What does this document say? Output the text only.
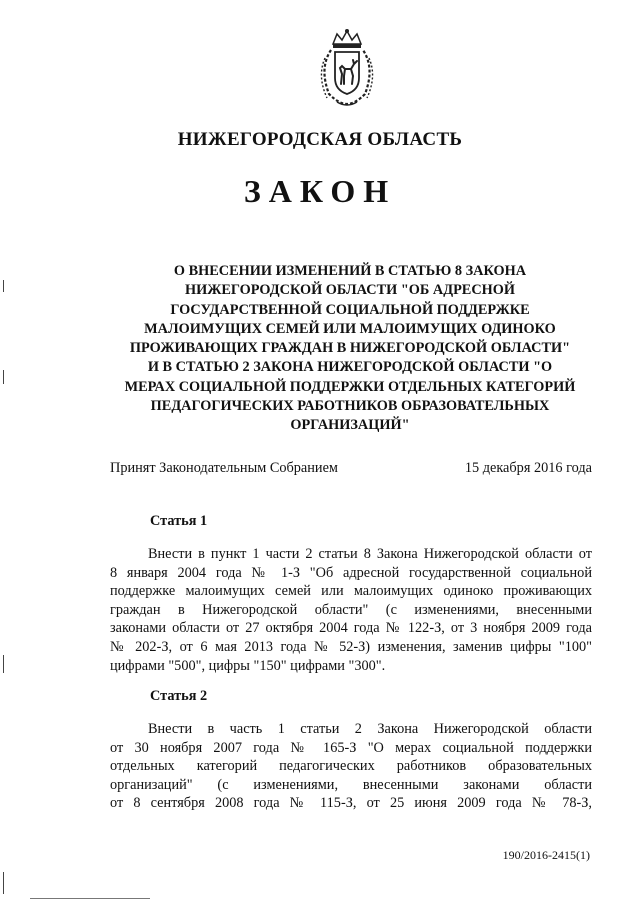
НИЖЕГОРОДСКАЯ ОБЛАСТЬ
ЗАКОН
О ВНЕСЕНИИ ИЗМЕНЕНИЙ В СТАТЬЮ 8 ЗАКОНА
НИЖЕГОРОДСКОЙ ОБЛАСТИ "ОБ АДРЕСНОЙ
ГОСУДАРСТВЕННОЙ СОЦИАЛЬНОЙ ПОДДЕРЖКЕ
МАЛОИМУЩИХ СЕМЕЙ ИЛИ МАЛОИМУЩИХ ОДИНОКО
ПРОЖИВАЮЩИХ ГРАЖДАН В НИЖЕГОРОДСКОЙ ОБЛАСТИ"
И В СТАТЬЮ 2 ЗАКОНА НИЖЕГОРОДСКОЙ ОБЛАСТИ "О
МЕРАХ СОЦИАЛЬНОЙ ПОДДЕРЖКИ ОТДЕЛЬНЫХ КАТЕГОРИЙ
ПЕДАГОГИЧЕСКИХ РАБОТНИКОВ ОБРАЗОВАТЕЛЬНЫХ
ОРГАНИЗАЦИЙ"
Принят Законодательным Собранием	15 декабря 2016 года
Статья 1
Внести в пункт 1 части 2 статьи 8 Закона Нижегородской области от
8 января 2004 года № 1-З "Об адресной государственной социальной
поддержке малоимущих семей или малоимущих одиноко проживающих
граждан в Нижегородской области" (с изменениями, внесенными
законами области от 27 октября 2004 года № 122-З, от 3 ноября 2009 года
№ 202-З, от 6 мая 2013 года № 52-З) изменения, заменив цифры "100"
цифрами "500", цифры "150" цифрами "300".
Статья 2
Внести в часть 1 статьи 2 Закона Нижегородской области
от 30 ноября 2007 года № 165-З "О мерах социальной поддержки
отдельных категорий педагогических работников образовательных
организаций" (с изменениями, внесенными законами области
от 8 сентября 2008 года № 115-З, от 25 июня 2009 года № 78-З,
190/2016-2415(1)
